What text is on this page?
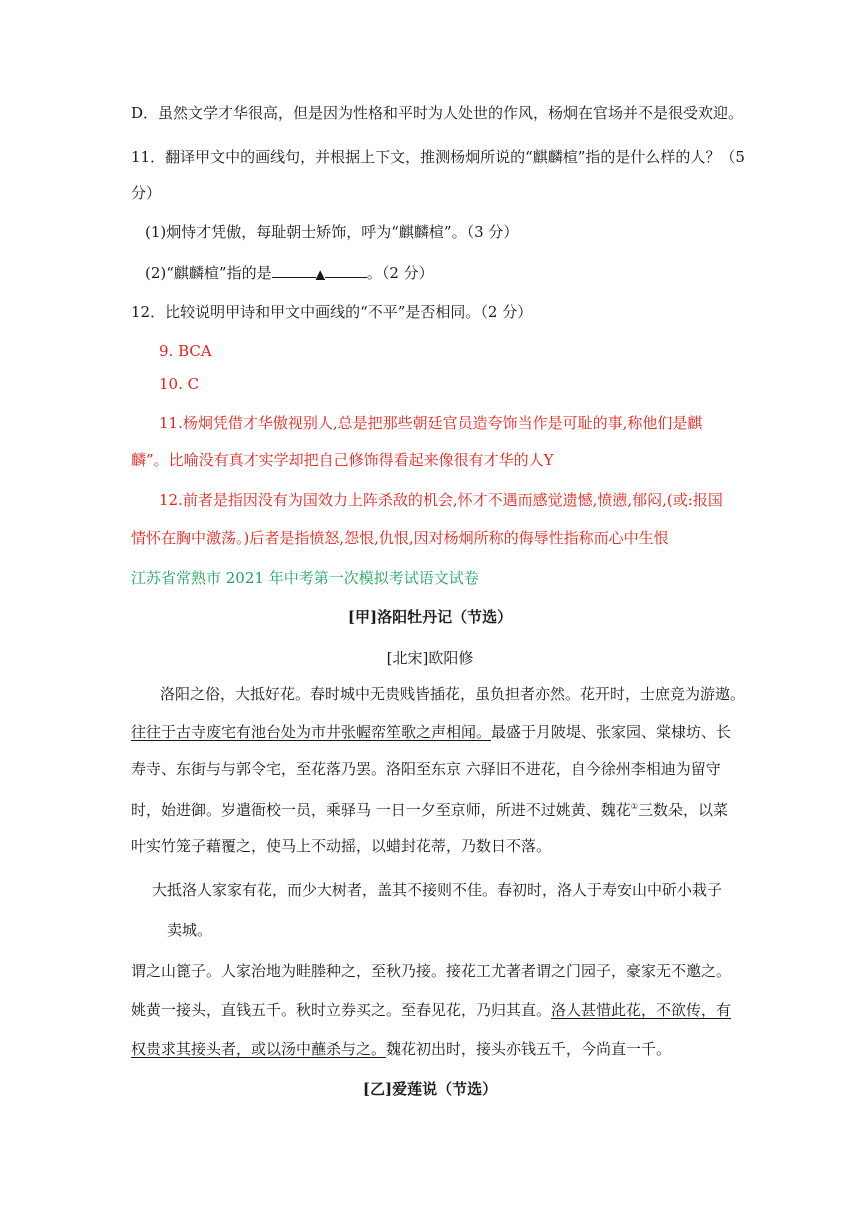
D．虽然文学才华很高，但是因为性格和平时为人处世的作风，杨炯在官场并不是很受欢迎。
11．翻译甲文中的画线句，并根据上下文，推测杨炯所说的“麒麟楦”指的是什么样的人？（5
分）
(1)炯恃才凭傲，每耻朝士矫饰，呼为“麒麟楦”。（3 分）
(2)“麒麟楦”指的是	▲	。（2 分）
12．比较说明甲诗和甲文中画线的“不平”是否相同。（2 分）
9. BCA
10. C
11.杨炯凭借才华傲视别人,总是把那些朝廷官员造夸饰当作是可耻的事,称他们是麒
麟”。比喻没有真才实学却把自己修饰得看起来像很有才华的人Y
12.前者是指因没有为国效力上阵杀敌的机会,怀才不遇而感觉遗憾,愤懑,郁闷,(或:报国
情怀在胸中激荡。)后者是指愤怒,怨恨,仇恨,因对杨炯所称的侮辱性指称而心中生恨
江苏省常熟市 2021 年中考第一次模拟考试语文试卷
[甲]洛阳牡丹记（节选）
[北宋]欧阳修
洛阳之俗，大抵好花。春时城中无贵贱皆插花，虽负担者亦然。花开时，士庶竞为游遨。
往往于古寺废宅有池台处为市井张幄帟笙歌之声相闻。最盛于月陂堤、张家园、棠棣坊、长
寿寺、东街与与郭令宅，至花落乃罢。洛阳至东京 六驿旧不进花，自今徐州李相迪为留守
时，始进御。岁遣衙校一员，乘驿马 一日一夕至京师，所进不过姚黄、魏花①三数朵，以菜
叶实竹笼子藉覆之，使马上不动摇，以蜡封花蒂，乃数日不落。
大抵洛人家家有花，而少大树者，盖其不接则不佳。春初时，洛人于寿安山中斫小栽子
卖城。
谓之山篦子。人家治地为畦塍种之，至秋乃接。接花工尤著者谓之门园子，豪家无不邀之。
姚黄一接头，直钱五千。秋时立券买之。至春见花，乃归其直。洛人甚惜此花，不欲传，有
权贵求其接头者，或以汤中蘸杀与之。魏花初出时，接头亦钱五千，今尚直一千。
[乙]爱莲说（节选）
